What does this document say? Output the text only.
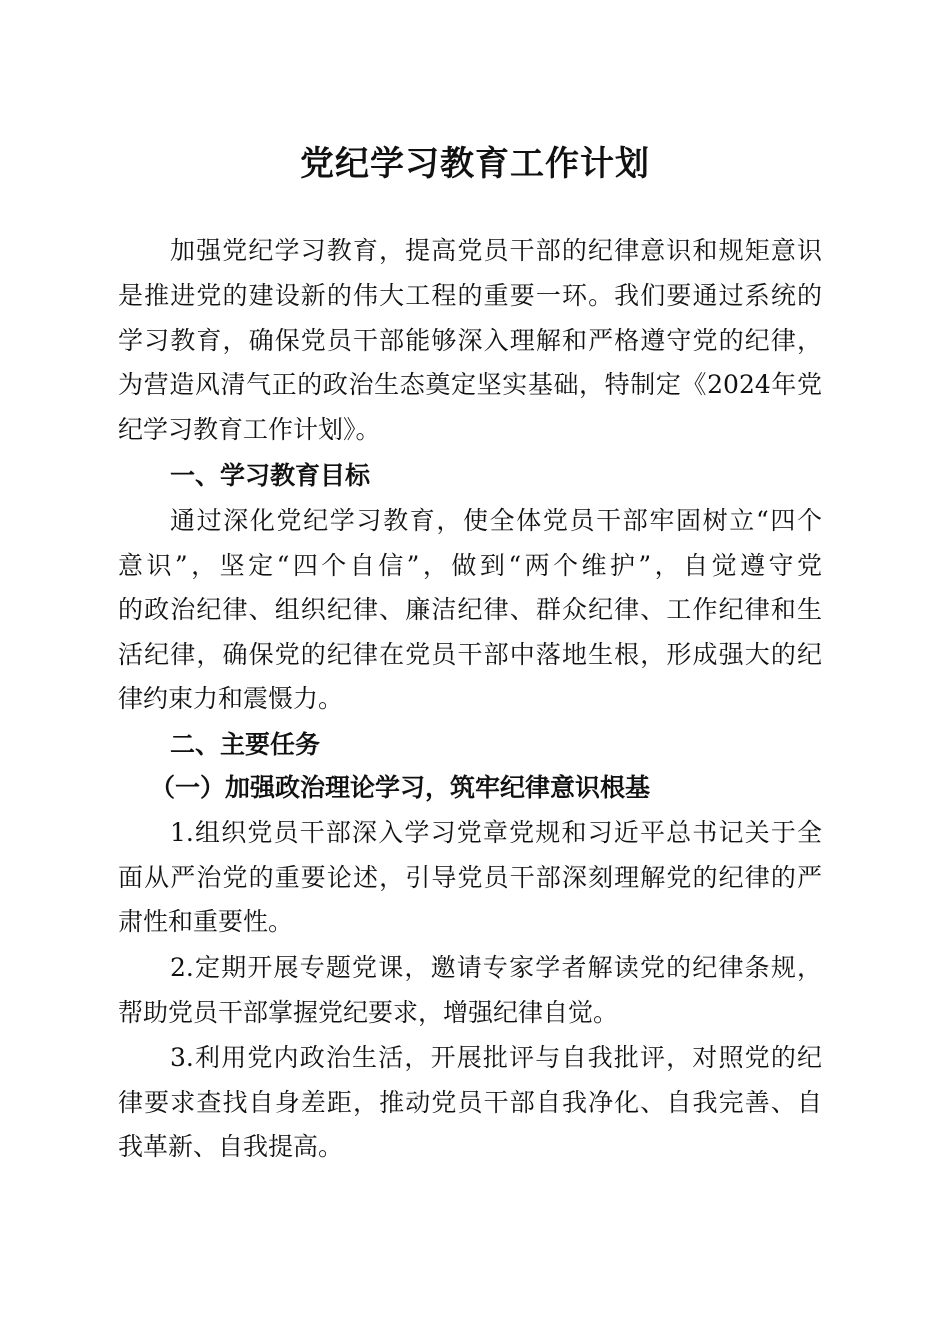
党纪学习教育工作计划
加强党纪学习教育，提高党员干部的纪律意识和规矩意识
是推进党的建设新的伟大工程的重要一环。我们要通过系统的
学习教育，确保党员干部能够深入理解和严格遵守党的纪律，
为营造风清气正的政治生态奠定坚实基础，特制定《2024年党
纪学习教育工作计划》。
一、学习教育目标
通过深化党纪学习教育，使全体党员干部牢固树立“四个
意识”，坚定“四个自信”，做到“两个维护”，自觉遵守党
的政治纪律、组织纪律、廉洁纪律、群众纪律、工作纪律和生
活纪律，确保党的纪律在党员干部中落地生根，形成强大的纪
律约束力和震慑力。
二、主要任务
（一）加强政治理论学习，筑牢纪律意识根基
1.组织党员干部深入学习党章党规和习近平总书记关于全
面从严治党的重要论述，引导党员干部深刻理解党的纪律的严
肃性和重要性。
2.定期开展专题党课，邀请专家学者解读党的纪律条规，
帮助党员干部掌握党纪要求，增强纪律自觉。
3.利用党内政治生活，开展批评与自我批评，对照党的纪
律要求查找自身差距，推动党员干部自我净化、自我完善、自
我革新、自我提高。
